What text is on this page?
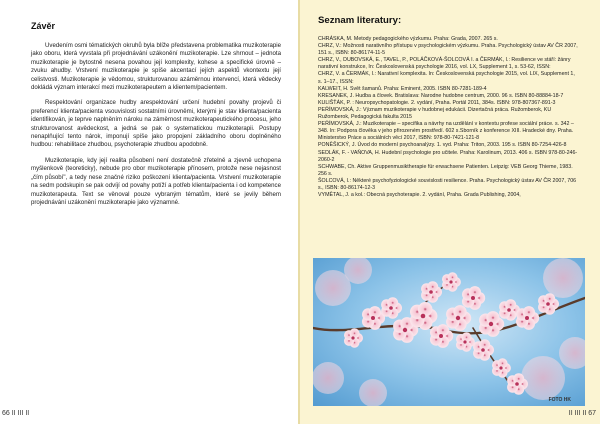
Závěr

Uvedením osmi tématických okruhů byla blíže představena problematika muzikoterapie jako oboru, která vyvstala při projednávání uzákonění muzikoterapie. Lze shrnout – jednota muzikoterapie je bytostně nesena povahou její komplexity, kohese a specifické úrovně – zvuku ahudby. Vrstvení muzikoterapie je spíše akcentací jejích aspektů vkontextu její celistvosti. Muzikoterapie je vědomou, strukturovanou azáměrnou intervencí, která vědecky dokládá význam interakcí mezi muzikoterapeutem a klientem/pacientem.

Respektování organizace hudby arespektování určení hudební povahy projevů či preferencí klienta/pacienta vsouvislosti sostatními úrovněmi, kterými je stav klienta/pacienta identifikován, je teprve naplněním nároku na záměrnost muzikoterapeutického procesu, jeho strukturovanost avědeckost, a jedná se pak o systematickou muzikoterapii. Postupy nenaplňující tento nárok, imponují spíše jako propojení základního oboru doplněného hudbou: rehabilitace zhudbou, psychoterapie zhudbou apodobně.

Muzikoterapie, kdy její realita působení není dostatečně zřetelně a zjevně uchopena myšlenkově (teoreticky), nebude pro obor muzikoterapie přínosem, protože nese nejasnost „čím působí", a tedy nese značné riziko poškození klienta/pacienta. Vrstvení muzikoterapie na sedm podskupin se pak odvíjí od povahy potíží a potřeb klienta/pacienta i od kompetence muzikoterapeuta. Text se věnoval pouze vybraným tématům, které se jevily během projednávání uzákonění muzikoterapie jako významné.

66 II III II
Seznam literatury:

CHRÁSKA, M. Metody pedagogického výzkumu. Praha: Grada, 2007. 265 s.

CHRZ, V.: Možnosti narativního přístupu v psychologickém výzkumu. Praha. Psychologický ústav AV ČR 2007, 151 s., ISBN: 80-86174-11-5

CHRZ, V., DUBOVSKÁ, E., TAVEL, P., POLÁČKOVÁ-ŠOLCOVÁ I. a ČERMÁK, I.: Resilience ve stáří: žánry narativní konstrukce, In: Československá psychologie 2016, vol. LX, Supplement 1, s. 53-62, ISSN:

CHRZ, V. a ČERMÁK, I.: Narativní komplexita. In: Československá psychologie 2015, vol. LIX, Supplement 1, s. 1–17., ISSN:

KALWEIT, H. Svět šamanů. Praha: Eminent, 2005. ISBN 80-7281-189-4

KRESANEK, J. Hudba a človek. Bratislava: Narodne hudobne centrum, 2000. 96 s. ISBN 80-88884-18-7

KULIŠŤÁK, P. : Neuropsychopatologie. 2. vydání, Praha. Portál 2011, 384s. ISBN: 978-807367-891-3

PEŘÍMOVSKÁ, J.: Význam muzikoterapie v hudobnej edukácii. Dizertačná práca. Ružomberok, KU Ružomberok, Pedagogická fakulta 2015

PEŘÍMOVSKÁ, J.: Muzikoterapie – specifika a návrhy na uzdělání v kontextu profese sociální práce. s. 342 – 348. In: Podpora člověka v jeho přirozeném prostředí. 602 s.Sborník z konference XIII. Hradecké dny. Praha. Ministerstvo Práce a sociálních věcí 2017, ISBN: 978-80-7421-121-8

PONĚŠICKÝ, J. Úvod do moderní psychoanalýzy. 1. vyd. Praha: Triton, 2003. 195 s. ISBN 80-7254-426-8

SEDLÁK, F. - VAŇOVA, H. Hudební psychologie pro učitele. Praha: Karolinum, 2013. 406 s. ISBN 978-80-246-2060-2

SCHWABE, Ch. Aktive Gruppenmusiktherapie für erwachsene Patienten. Leipzig: VEB Georg Thieme, 1983. 256 s.

ŠOLCOVÁ, I.: Některé psychofyziologické souvislosti resilience. Praha. Psychologický ústav AV ČR 2007, 706 s., ISBN: 80-86174-12-3

VYMĚTAL, J. a kol.: Obecná psychoterapie. 2. vydání, Praha. Grada Publishing, 2004,

II III II 67
FOTO HK
